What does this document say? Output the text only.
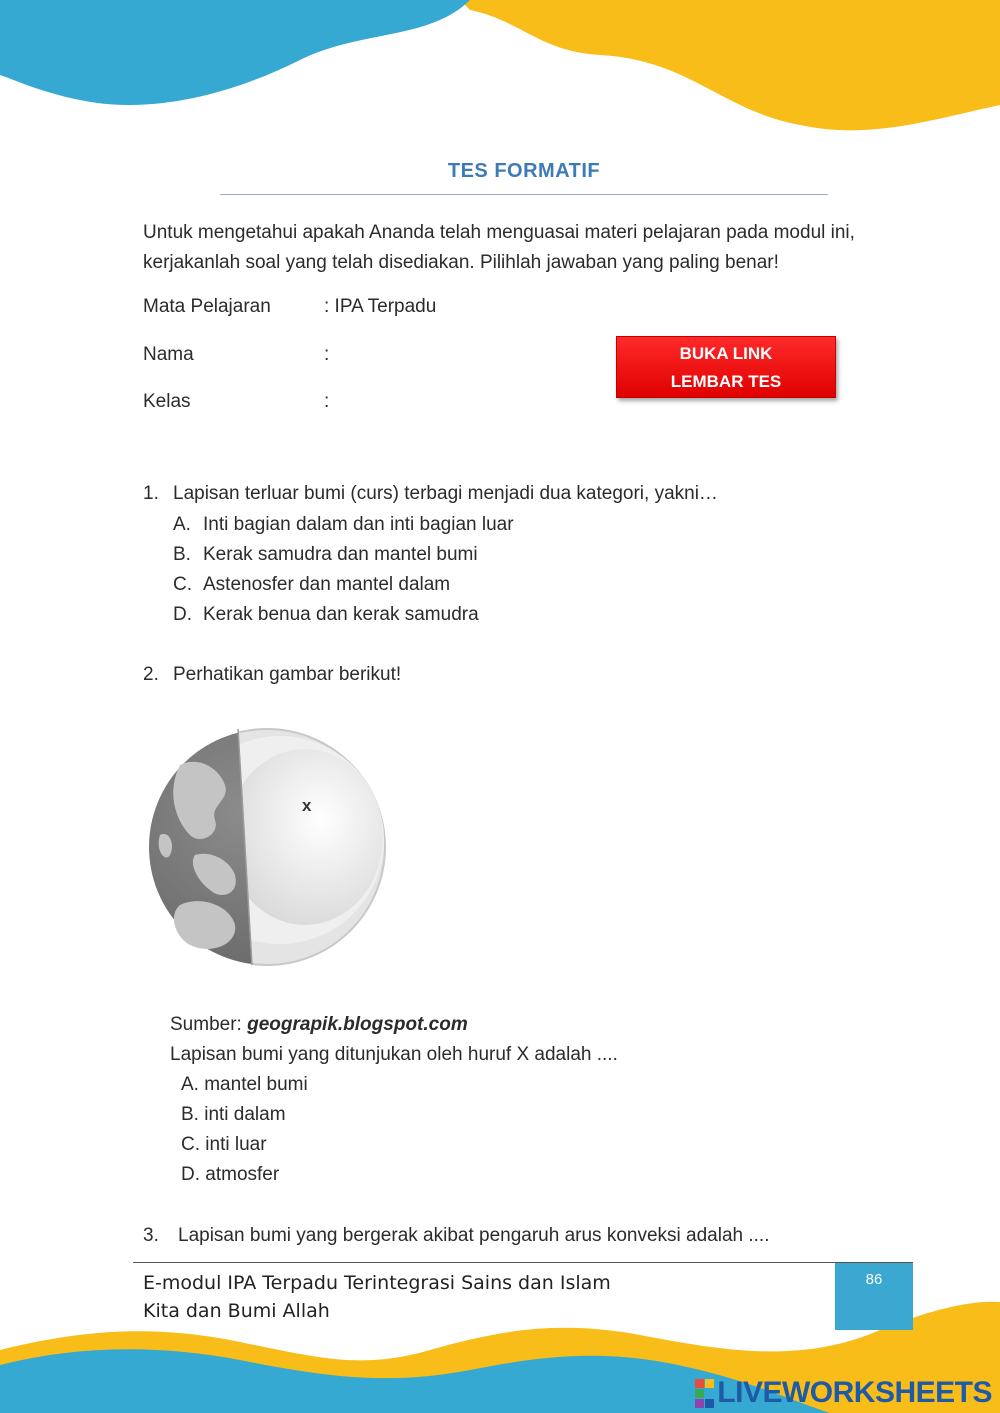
TES FORMATIF
Untuk mengetahui apakah Ananda telah menguasai materi pelajaran pada modul ini, kerjakanlah soal yang telah disediakan. Pilihlah jawaban yang paling benar!
Mata Pelajaran	: IPA Terpadu
Nama	:
Kelas	:
BUKA LINK
LEMBAR TES
1. Lapisan terluar bumi (curs) terbagi menjadi dua kategori, yakni…
A. Inti bagian dalam dan inti bagian luar
B. Kerak samudra dan mantel bumi
C. Astenosfer dan mantel dalam
D. Kerak benua dan kerak samudra
2. Perhatikan gambar berikut!
x
Sumber: geograpik.blogspot.com
Lapisan bumi yang ditunjukan oleh huruf X adalah ....
A. mantel bumi
B. inti dalam
C. inti luar
D. atmosfer
3. Lapisan bumi yang bergerak akibat pengaruh arus konveksi adalah ....
E-modul IPA Terpadu Terintegrasi Sains dan Islam
Kita dan Bumi Allah
86
LIVEWORKSHEETS
